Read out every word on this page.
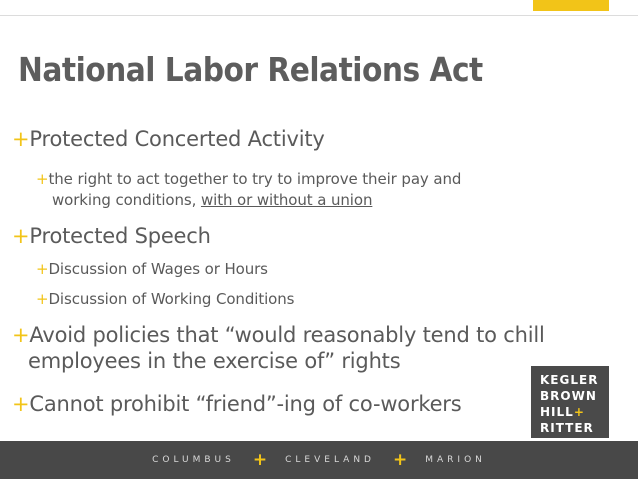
National Labor Relations Act
+Protected Concerted Activity
+the right to act together to try to improve their pay and
working conditions, with or without a union
+Protected Speech
+Discussion of Wages or Hours
+Discussion of Working Conditions
+Avoid policies that “would reasonably tend to chill
employees in the exercise of” rights
+Cannot prohibit “friend”-ing of co-workers
KEGLER
BROWN
HILL+
RITTER
COLUMBUS + CLEVELAND + MARION
